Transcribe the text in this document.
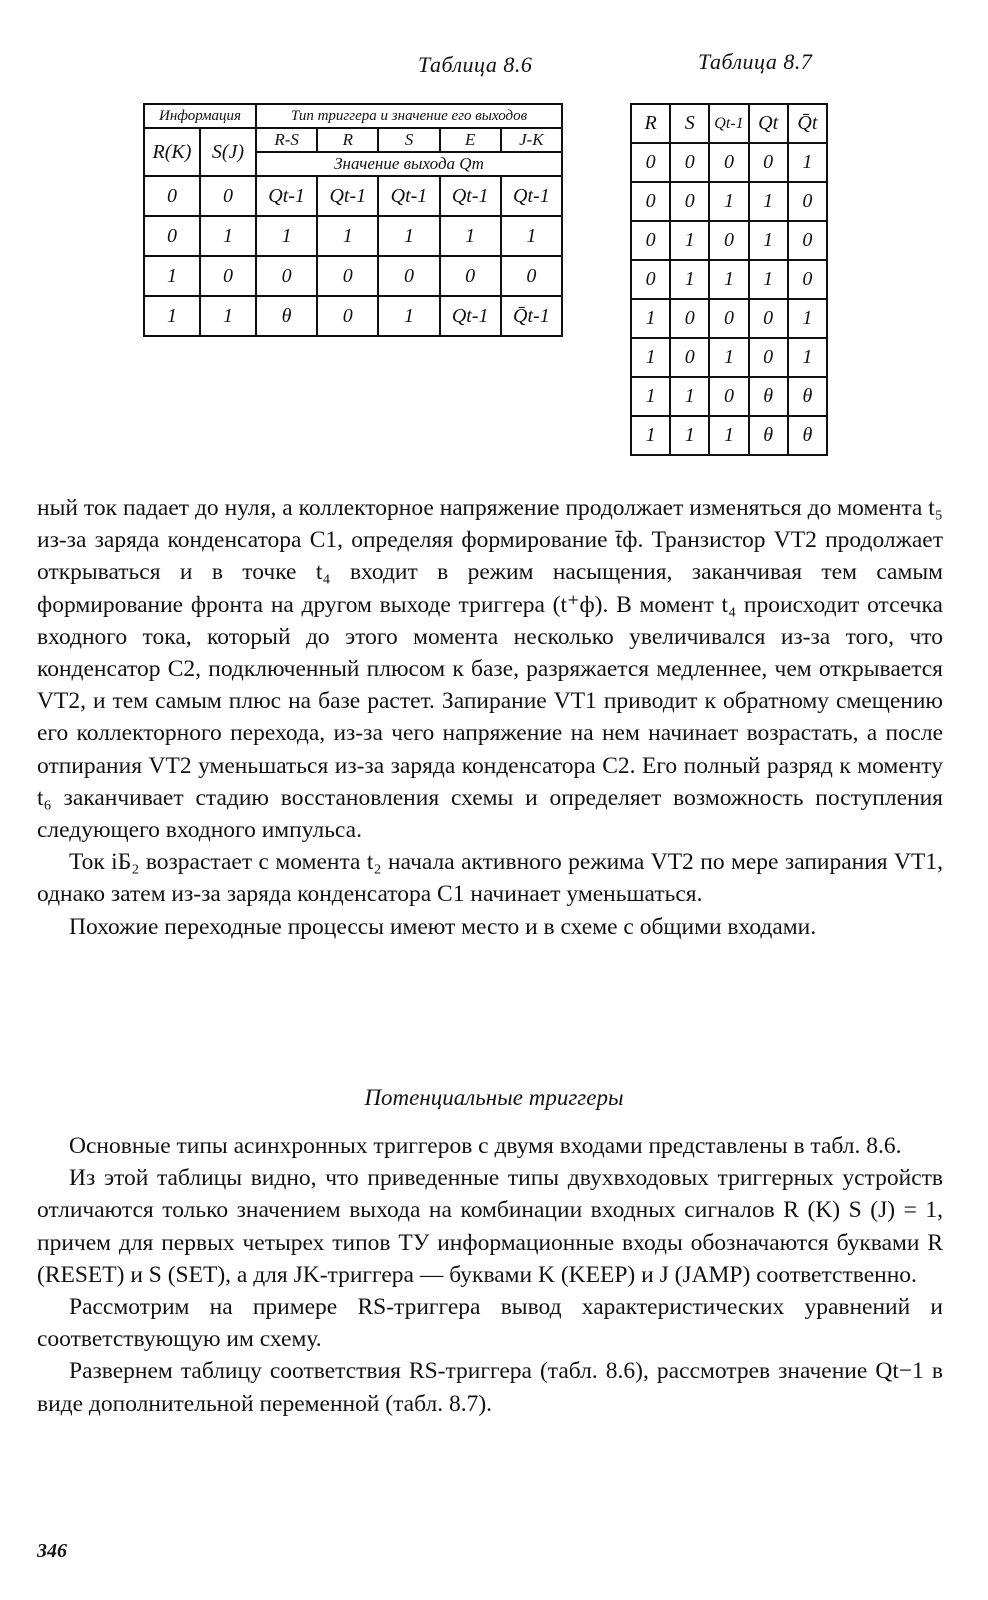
Таблица 8.6	Таблица 8.7
Информация		Тип триггера и значение его выходов				
R(K)	S(J)	R-S	R	S	E	J-K
		Значение выхода Qт				
0	0	Qt-1	Qt-1	Qt-1	Qt-1	Qt-1
0	1	1	1	1	1	1
1	0	0	0	0	0	0
1	1	θ	0	1	Qt-1	Q̄t-1
R	S	Qt-1	Qt	Q̄t
0	0	0	0	1
0	0	1	1	0
0	1	0	1	0
0	1	1	1	0
1	0	0	0	1
1	0	1	0	1
1	1	0	θ	θ
1	1	1	θ	θ

ный ток падает до нуля, а коллекторное напряжение продолжает изменяться до момента t₅ из-за заряда конденсатора C1, определяя формирование t̄ф. Транзистор VT2 продолжает открываться и в точке t₄ входит в режим насыщения, заканчивая тем самым формирование фронта на другом выходе триггера (t⁺ф). В момент t₄ происходит отсечка входного тока, который до этого момента несколько увеличивался из-за того, что конденсатор C2, подключенный плюсом к базе, разряжается медленнее, чем открывается VT2, и тем самым плюс на базе растет. Запирание VT1 приводит к обратному смещению его коллекторного перехода, из-за чего напряжение на нем начинает возрастать, а после отпирания VT2 уменьшаться из-за заряда конденсатора C2. Его полный разряд к моменту t₆ заканчивает стадию восстановления схемы и определяет возможность поступления следующего входного импульса.

Ток iБ₂ возрастает с момента t₂ начала активного режима VT2 по мере запирания VT1, однако затем из-за заряда конденсатора C1 начинает уменьшаться.

Похожие переходные процессы имеют место и в схеме с общими входами.

Потенциальные триггеры

Основные типы асинхронных триггеров с двумя входами представлены в табл. 8.6.

Из этой таблицы видно, что приведенные типы двухвходовых триггерных устройств отличаются только значением выхода на комбинации входных сигналов R (K) S (J) = 1, причем для первых четырех типов ТУ информационные входы обозначаются буквами R (RESET) и S (SET), а для JK-триггера — буквами K (KEEP) и J (JAMP) соответственно.

Рассмотрим на примере RS-триггера вывод характеристических уравнений и соответствующую им схему.

Развернем таблицу соответствия RS-триггера (табл. 8.6), рассмотрев значение Qt−1 в виде дополнительной переменной (табл. 8.7).

346
